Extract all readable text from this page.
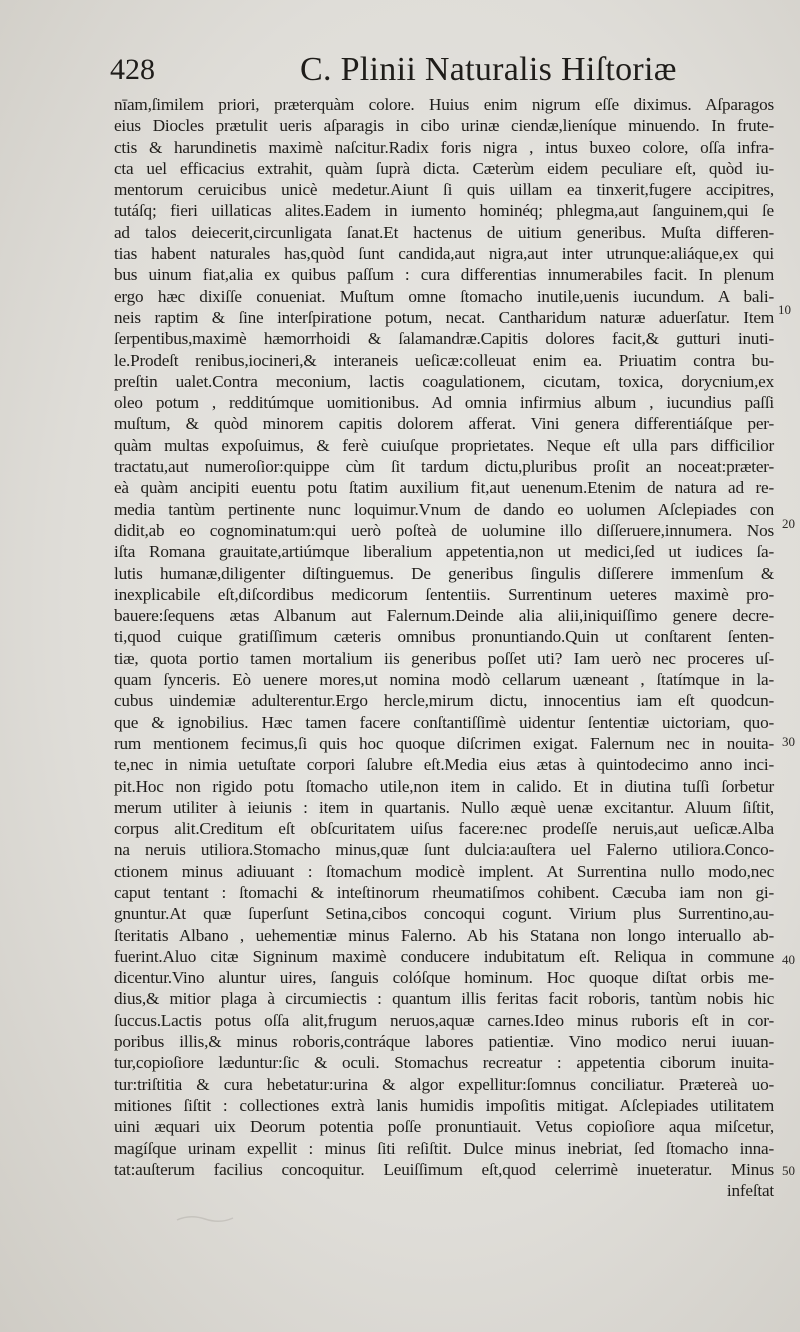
428	C. Plinii Naturalis Hiſtoriæ
nīam,ſimilem priori, præterquàm colore. Huius enim nigrum eſſe diximus. Aſparagos
eius Diocles prætulit ueris aſparagis in cibo urinæ ciendæ,lieníque minuendo. In frute-
ctis & harundinetis maximè naſcitur.Radix foris nigra , intus buxeo colore, oſſa infra-
cta uel efficacius extrahit, quàm ſuprà dicta. Cæterùm eidem peculiare eſt, quòd iu-
mentorum ceruicibus unicè medetur.Aiunt ſi quis uillam ea tinxerit,fugere accipitres,
tutáſq; fieri uillaticas alites.Eadem in iumento hominéq; phlegma,aut ſanguinem,qui ſe
ad talos deiecerit,circunligata ſanat.Et hactenus de uitium generibus. Muſta differen-
tias habent naturales has,quòd ſunt candida,aut nigra,aut inter utrunque:aliáque,ex qui
bus uinum fiat,alia ex quibus paſſum : cura differentias innumerabiles facit. In plenum
ergo hæc dixiſſe conueniat. Muſtum omne ſtomacho inutile,uenis iucundum. A bali-
neis raptim & ſine interſpiratione potum, necat. Cantharidum naturæ aduerſatur. Item
ſerpentibus,maximè hæmorrhoidi & ſalamandræ.Capitis dolores facit,& gutturi inuti-
le.Prodeſt renibus,iocineri,& interaneis ueſicæ:colleuat enim ea. Priuatim contra bu-
preſtin ualet.Contra meconium, lactis coagulationem, cicutam, toxica, dorycnium,ex
oleo potum , redditúmque uomitionibus. Ad omnia infirmius album , iucundius paſſi
muſtum, & quòd minorem capitis dolorem afferat. Vini genera differentiáſque per-
quàm multas expoſuimus, & ferè cuiuſque proprietates. Neque eſt ulla pars difficilior
tractatu,aut numeroſior:quippe cùm ſit tardum dictu,pluribus proſit an noceat:præter-
eà quàm ancipiti euentu potu ſtatim auxilium fit,aut uenenum.Etenim de natura ad re-
media tantùm pertinente nunc loquimur.Vnum de dando eo uolumen Aſclepiades con
didit,ab eo cognominatum:qui uerò poſteà de uolumine illo diſſeruere,innumera. Nos
iſta Romana grauitate,artiúmque liberalium appetentia,non ut medici,ſed ut iudices ſa-
lutis humanæ,diligenter diſtinguemus. De generibus ſingulis diſſerere immenſum &
inexplicabile eſt,diſcordibus medicorum ſententiis. Surrentinum ueteres maximè pro-
bauere:ſequens ætas Albanum aut Falernum.Deinde alia alii,iniquiſſimo genere decre-
ti,quod cuique gratiſſimum cæteris omnibus pronuntiando.Quin ut conſtarent ſenten-
tiæ, quota portio tamen mortalium iis generibus poſſet uti? Iam uerò nec proceres uſ-
quam ſynceris. Eò uenere mores,ut nomina modò cellarum uæneant , ſtatímque in la-
cubus uindemiæ adulterentur.Ergo hercle,mirum dictu, innocentius iam eſt quodcun-
que & ignobilius. Hæc tamen facere conſtantiſſimè uidentur ſententiæ uictoriam, quo-
rum mentionem fecimus,ſi quis hoc quoque diſcrimen exigat. Falernum nec in nouita-
te,nec in nimia uetuſtate corpori ſalubre eſt.Media eius ætas à quintodecimo anno inci-
pit.Hoc non rigido potu ſtomacho utile,non item in calido. Et in diutina tuſſi ſorbetur
merum utiliter à ieiunis : item in quartanis. Nullo æquè uenæ excitantur. Aluum ſiſtit,
corpus alit.Creditum eſt obſcuritatem uiſus facere:nec prodeſſe neruis,aut ueſicæ.Alba
na neruis utiliora.Stomacho minus,quæ ſunt dulcia:auſtera uel Falerno utiliora.Conco-
ctionem minus adiuuant : ſtomachum modicè implent. At Surrentina nullo modo,nec
caput tentant : ſtomachi & inteſtinorum rheumatiſmos cohibent. Cæcuba iam non gi-
gnuntur.At quæ ſuperſunt Setina,cibos concoqui cogunt. Virium plus Surrentino,au-
ſteritatis Albano , uehementiæ minus Falerno. Ab his Statana non longo interuallo ab-
fuerint.Aluo citæ Signinum maximè conducere indubitatum eſt. Reliqua in commune
dicentur.Vino aluntur uires, ſanguis colóſque hominum. Hoc quoque diſtat orbis me-
dius,& mitior plaga à circumiectis : quantum illis feritas facit roboris, tantùm nobis hic
ſuccus.Lactis potus oſſa alit,frugum neruos,aquæ carnes.Ideo minus ruboris eſt in cor-
poribus illis,& minus roboris,contráque labores patientiæ. Vino modico nerui iuuan-
tur,copioſiore læduntur:ſic & oculi. Stomachus recreatur : appetentia ciborum inuita-
tur:triſtitia & cura hebetatur:urina & algor expellitur:ſomnus conciliatur. Prætereà uo-
mitiones ſiſtit : collectiones extrà lanis humidis impoſitis mitigat. Aſclepiades utilitatem
uini æquari uix Deorum potentia poſſe pronuntiauit. Vetus copioſiore aqua miſcetur,
magíſque urinam expellit : minus ſiti reſiſtit. Dulce minus inebriat, ſed ſtomacho inna-
tat:auſterum facilius concoquitur. Leuiſſimum eſt,quod celerrimè inueteratur. Minus
infeſtat
10
20
30
40
50
